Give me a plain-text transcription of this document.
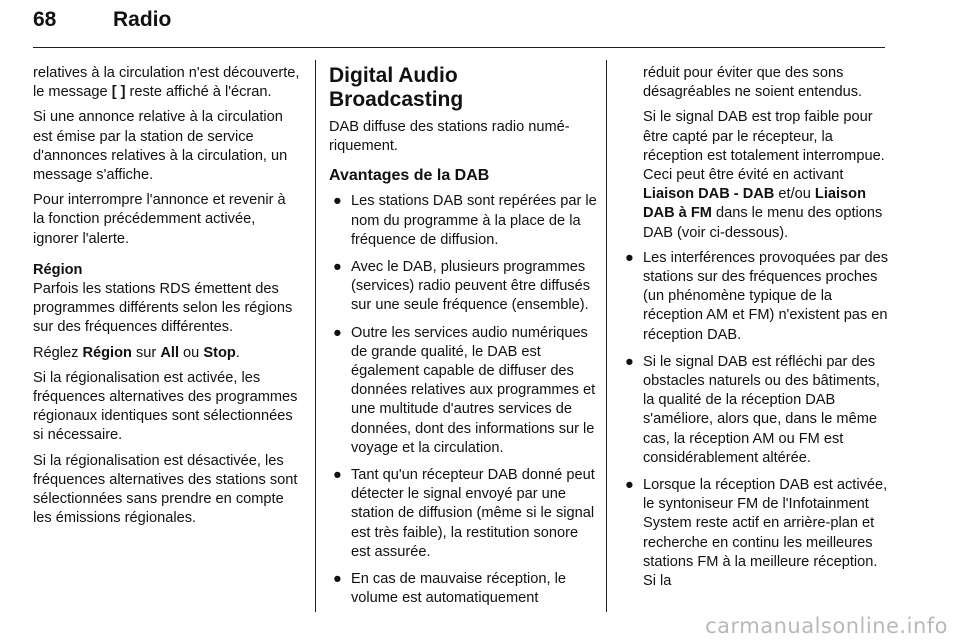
68	Radio

relatives à la circulation n'est découverte, le message [ ] reste affiché à l'écran.

Si une annonce relative à la circulation est émise par la station de service d'annonces relatives à la circulation, un message s'affiche.

Pour interrompre l'annonce et revenir à la fonction précédemment activée, ignorer l'alerte.

Région

Parfois les stations RDS émettent des programmes différents selon les régions sur des fréquences différentes.

Réglez Région sur All ou Stop.

Si la régionalisation est activée, les fréquences alternatives des programmes régionaux identiques sont sélectionnées si nécessaire.

Si la régionalisation est désactivée, les fréquences alternatives des stations sont sélectionnées sans prendre en compte les émissions régionales.

Digital Audio Broadcasting

DAB diffuse des stations radio numériquement.

Avantages de la DAB
● Les stations DAB sont repérées par le nom du programme à la place de la fréquence de diffusion.
● Avec le DAB, plusieurs programmes (services) radio peuvent être diffusés sur une seule fréquence (ensemble).
● Outre les services audio numériques de grande qualité, le DAB est également capable de diffuser des données relatives aux programmes et une multitude d'autres services de données, dont des informations sur le voyage et la circulation.
● Tant qu'un récepteur DAB donné peut détecter le signal envoyé par une station de diffusion (même si le signal est très faible), la restitution sonore est assurée.
● En cas de mauvaise réception, le volume est automatiquement

réduit pour éviter que des sons désagréables ne soient entendus.

Si le signal DAB est trop faible pour être capté par le récepteur, la réception est totalement interrompue. Ceci peut être évité en activant Liaison DAB - DAB et/ou Liaison DAB à FM dans le menu des options DAB (voir ci-dessous).

● Les interférences provoquées par des stations sur des fréquences proches (un phénomène typique de la réception AM et FM) n'existent pas en réception DAB.
● Si le signal DAB est réfléchi par des obstacles naturels ou des bâtiments, la qualité de la réception DAB s'améliore, alors que, dans le même cas, la réception AM ou FM est considérablement altérée.
● Lorsque la réception DAB est activée, le syntoniseur FM de l'Infotainment System reste actif en arrière-plan et recherche en continu les meilleures stations FM à la meilleure réception. Si la
carmanualsonline.info
